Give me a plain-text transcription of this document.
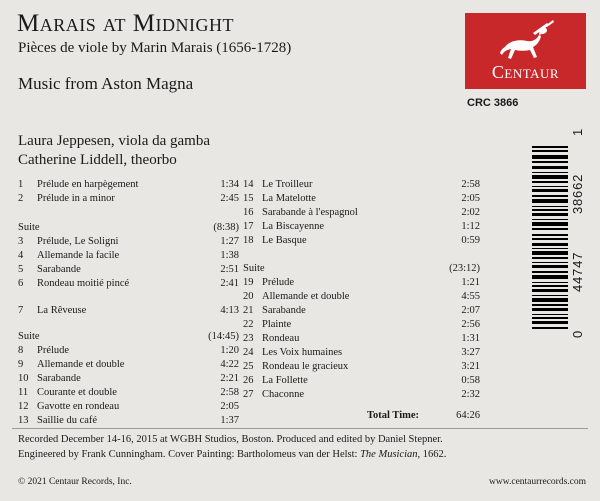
Marais at Midnight
Pièces de viole by Marin Marais (1656-1728)
Music from Aston Magna
Laura Jeppesen, viola da gamba
Catherine Liddell, theorbo
Centaur
CRC 3866
0
44747
38662
1
1 Prélude en harpègement	1:34
2 Prélude in a minor	2:45
Suite	(8:38)
3 Prélude, Le Soligni	1:27
4 Allemande la facile	1:38
5 Sarabande	2:51
6 Rondeau moitié pincé	2:41
7 La Rêveuse	4:13
Suite	(14:45)
8 Prélude	1:20
9 Allemande et double	4:22
10 Sarabande	2:21
11 Courante et double	2:58
12 Gavotte en rondeau	2:05
13 Saillie du café	1:37
14 Le Troilleur	2:58
15 La Matelotte	2:05
16 Sarabande à l'espagnol	2:02
17 La Biscayenne	1:12
18 Le Basque	0:59
Suite	(23:12)
19 Prélude	1:21
20 Allemande et double	4:55
21 Sarabande	2:07
22 Plainte	2:56
23 Rondeau	1:31
24 Les Voix humaines	3:27
25 Rondeau le gracieux	3:21
26 La Follette	0:58
27 Chaconne	2:32
Total Time:	64:26
Recorded December 14-16, 2015 at WGBH Studios, Boston. Produced and edited by Daniel Stepner.
Engineered by Frank Cunningham. Cover Painting: Bartholomeus van der Helst: The Musician, 1662.
© 2021 Centaur Records, Inc.	www.centaurrecords.com
